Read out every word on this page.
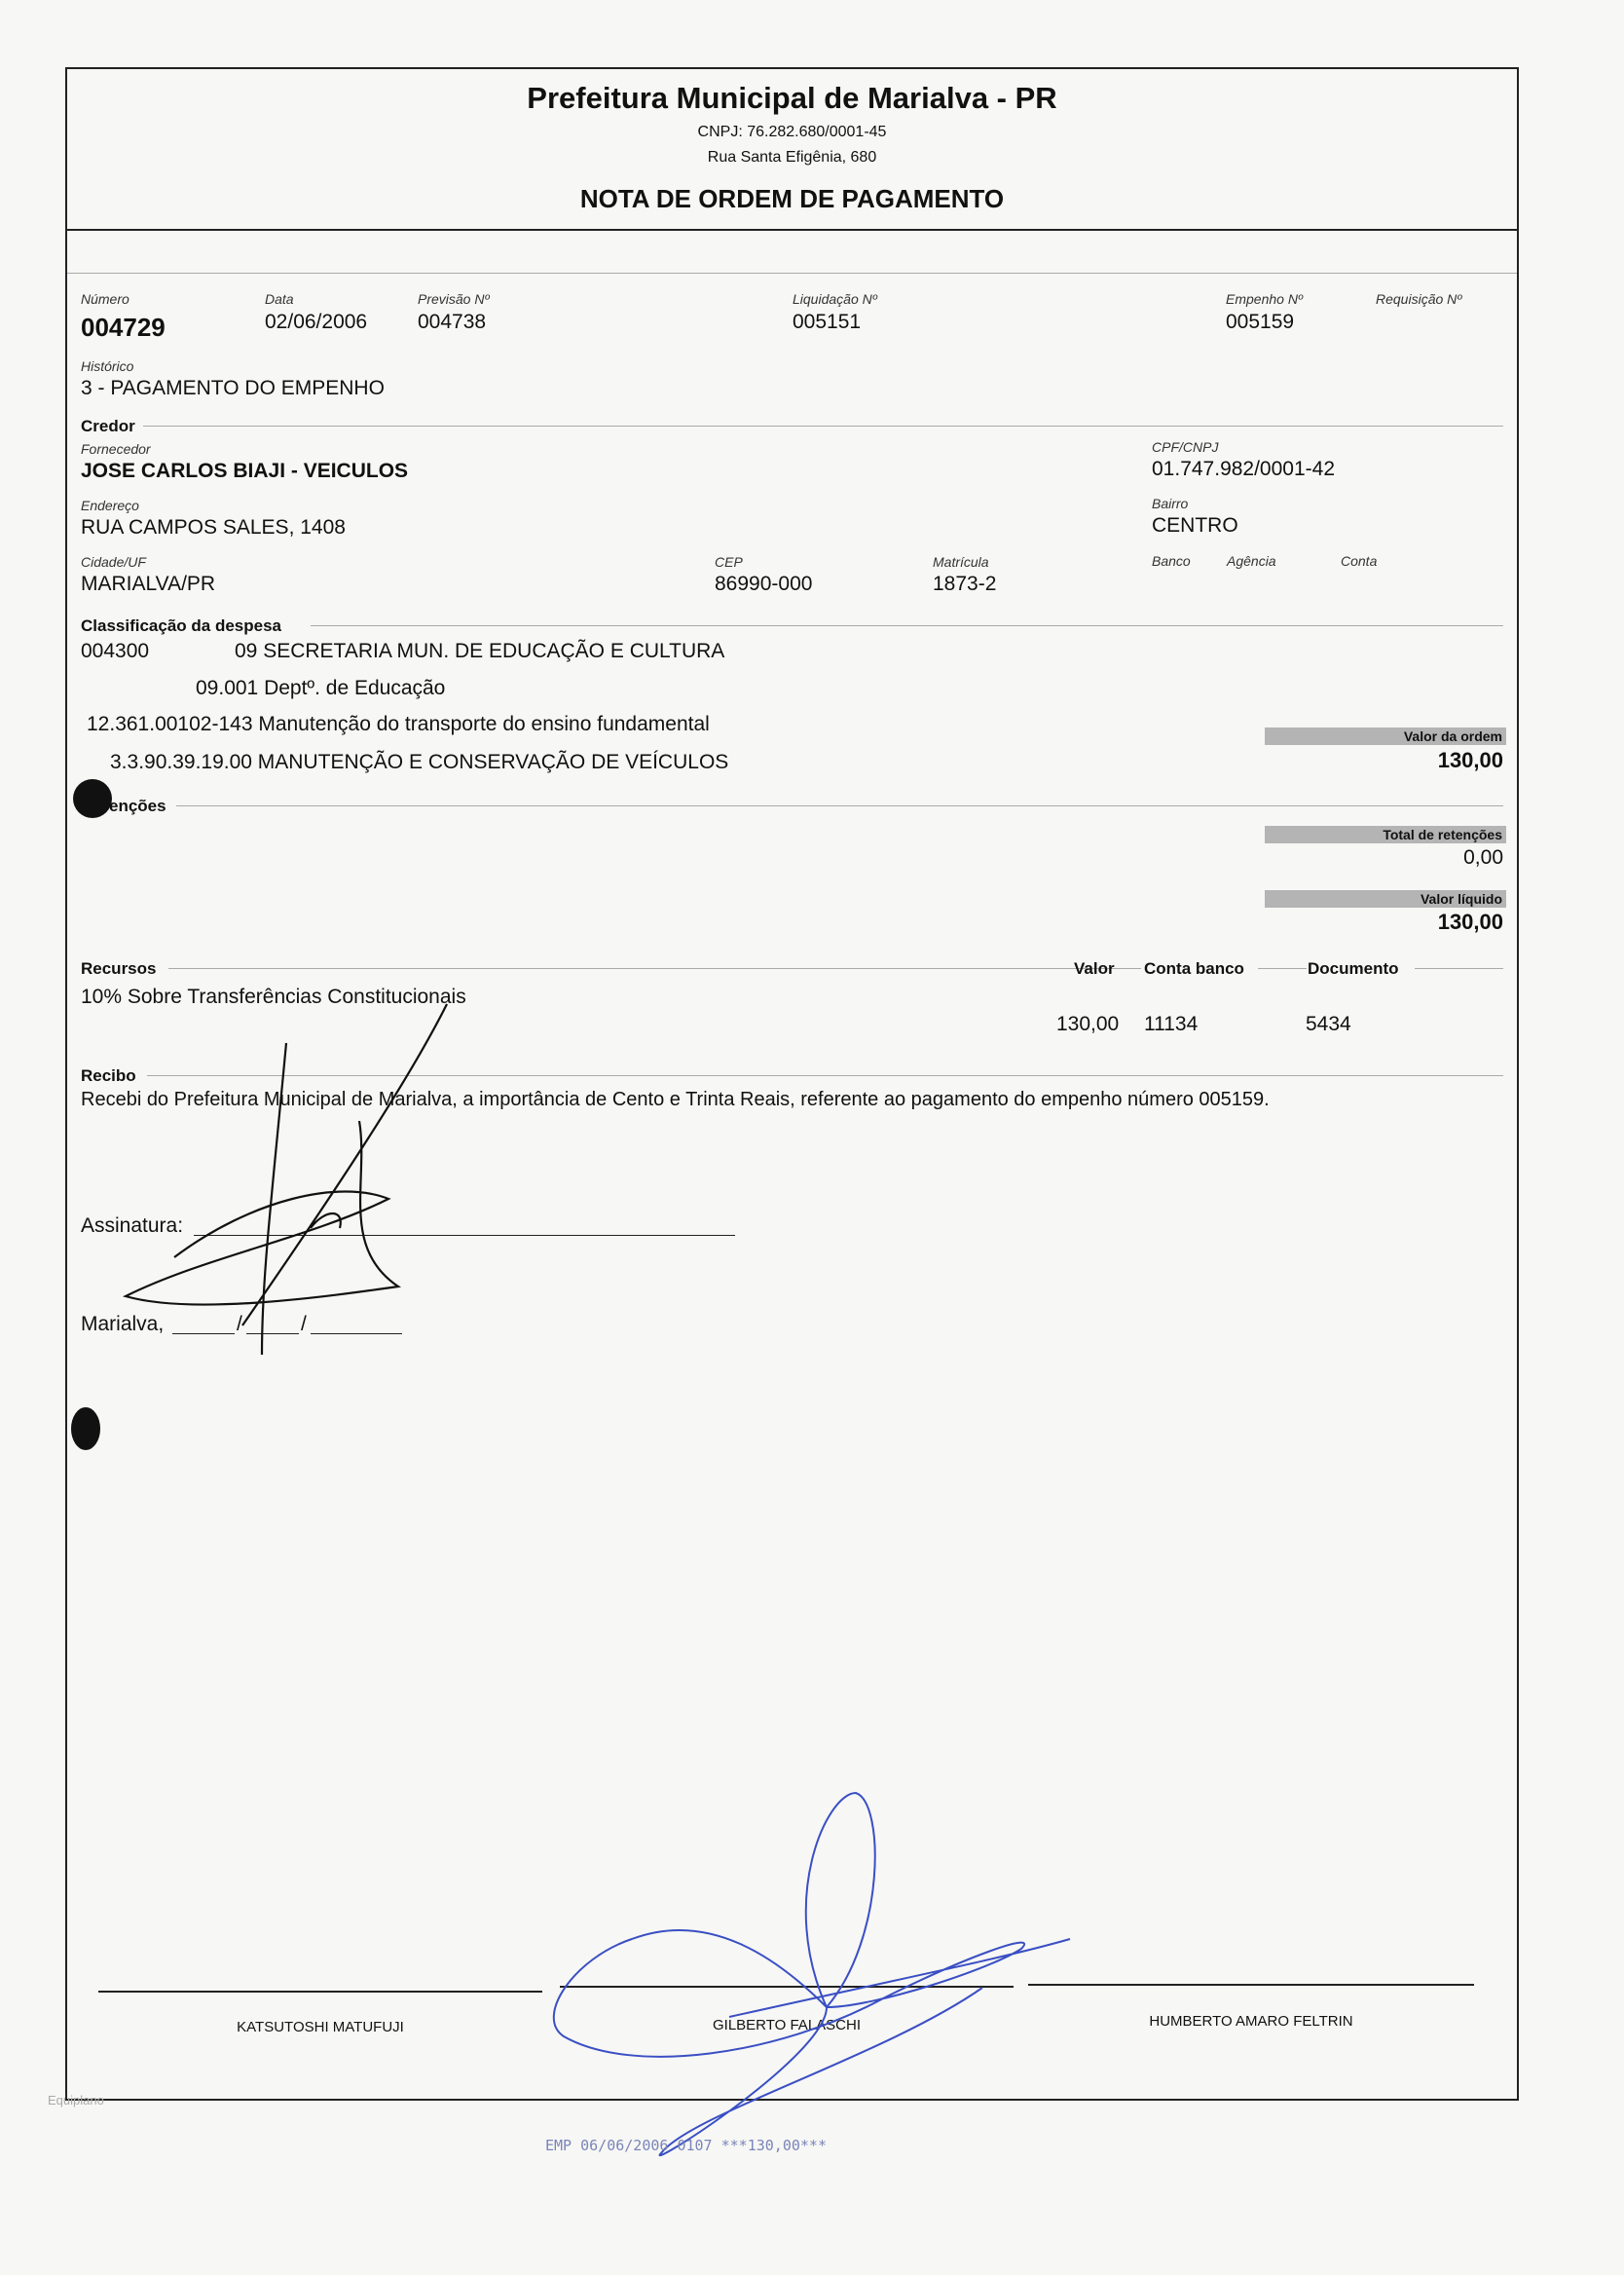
Prefeitura Municipal de Marialva - PR
CNPJ: 76.282.680/0001-45
Rua Santa Efigênia, 680
NOTA DE ORDEM DE PAGAMENTO
Número
004729
Data
02/06/2006
Previsão Nº
004738
Liquidação Nº
005151
Empenho Nº
005159
Requisição Nº
Histórico
3 - PAGAMENTO DO EMPENHO
Credor
Fornecedor
JOSE CARLOS BIAJI - VEICULOS
CPF/CNPJ
01.747.982/0001-42
Endereço
RUA CAMPOS SALES, 1408
Bairro
CENTRO
Cidade/UF
MARIALVA/PR
CEP
86990-000
Matrícula
1873-2
Banco	Agência	Conta
Classificação da despesa
004300	09 SECRETARIA MUN. DE EDUCAÇÃO E CULTURA
09.001 Deptº. de Educação
12.361.00102-143 Manutenção do transporte do ensino fundamental
3.3.90.39.19.00 MANUTENÇÃO E CONSERVAÇÃO DE VEÍCULOS
Valor da ordem
130,00
enções
Total de retenções
0,00
Valor líquido
130,00
Recursos	Valor Conta banco	Documento
10% Sobre Transferências Constitucionais
130,00 11134	5434
Recibo
Recebi do Prefeitura Municipal de Marialva, a importância de Cento e Trinta Reais, referente ao pagamento do empenho número 005159.
Assinatura:
Marialva,	/	/
KATSUTOSHI MATUFUJI	GILBERTO FALASCHI	HUMBERTO AMARO FELTRIN
Equiplano
EMP 06/06/2006 0107 ***130,00***
